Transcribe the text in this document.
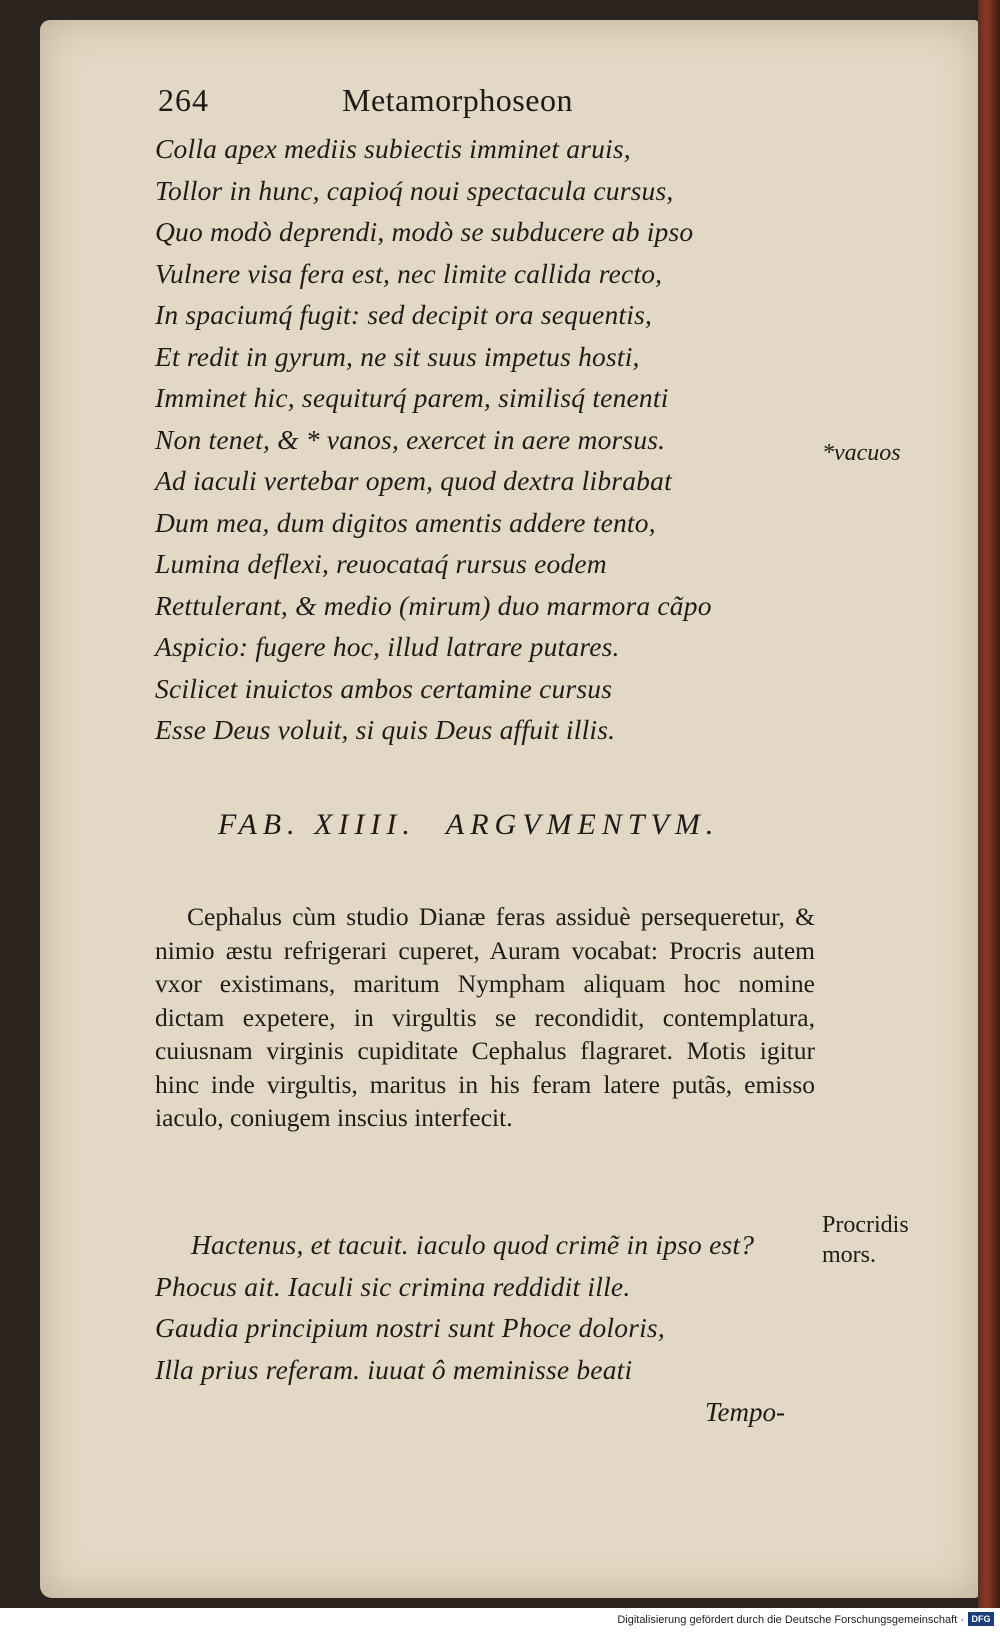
264	Metamorphoseon
Colla apex mediis subiectis imminet aruis,
Tollor in hunc, capioq́ noui spectacula cursus,
Quo modò deprendi, modò se subducere ab ipso
Vulnere visa fera est, nec limite callida recto,
In spaciumq́ fugit: sed decipit ora sequentis,
Et redit in gyrum, ne sit suus impetus hosti,
Imminet hic, sequiturq́ parem, similisq́ tenenti
Non tenet, & * vanos, exercet in aere morsus.
Ad iaculi vertebar opem, quod dextra librabat
Dum mea, dum digitos amentis addere tento,
Lumina deflexi, reuocataq́ rursus eodem
Rettulerant, & medio (mirum) duo marmora cãpo
Aspicio: fugere hoc, illud latrare putares.
Scilicet inuictos ambos certamine cursus
Esse Deus voluit, si quis Deus affuit illis.
*vacuos
FAB. XIIII. ARGVMENTVM.
Cephalus cùm studio Dianæ feras assiduè persequeretur, & nimio æstu refrigerari cuperet, Auram vocabat: Procris autem vxor existimans, maritum Nympham aliquam hoc nomine dictam expetere, in virgultis se recondidit, contemplatura, cuiusnam virginis cupiditate Cephalus flagraret. Motis igitur hinc inde virgultis, maritus in his feram latere putãs, emisso iaculo, coniugem inscius interfecit.
Hactenus, et tacuit. iaculo quod crimẽ in ipso est?
Phocus ait. Iaculi sic crimina reddidit ille.
Gaudia principium nostri sunt Phoce doloris,
Illa prius referam. iuuat ô meminisse beati
Procridis
mors.
Tempo-
Digitalisierung gefördert durch die Deutsche Forschungsgemeinschaft · DFG
